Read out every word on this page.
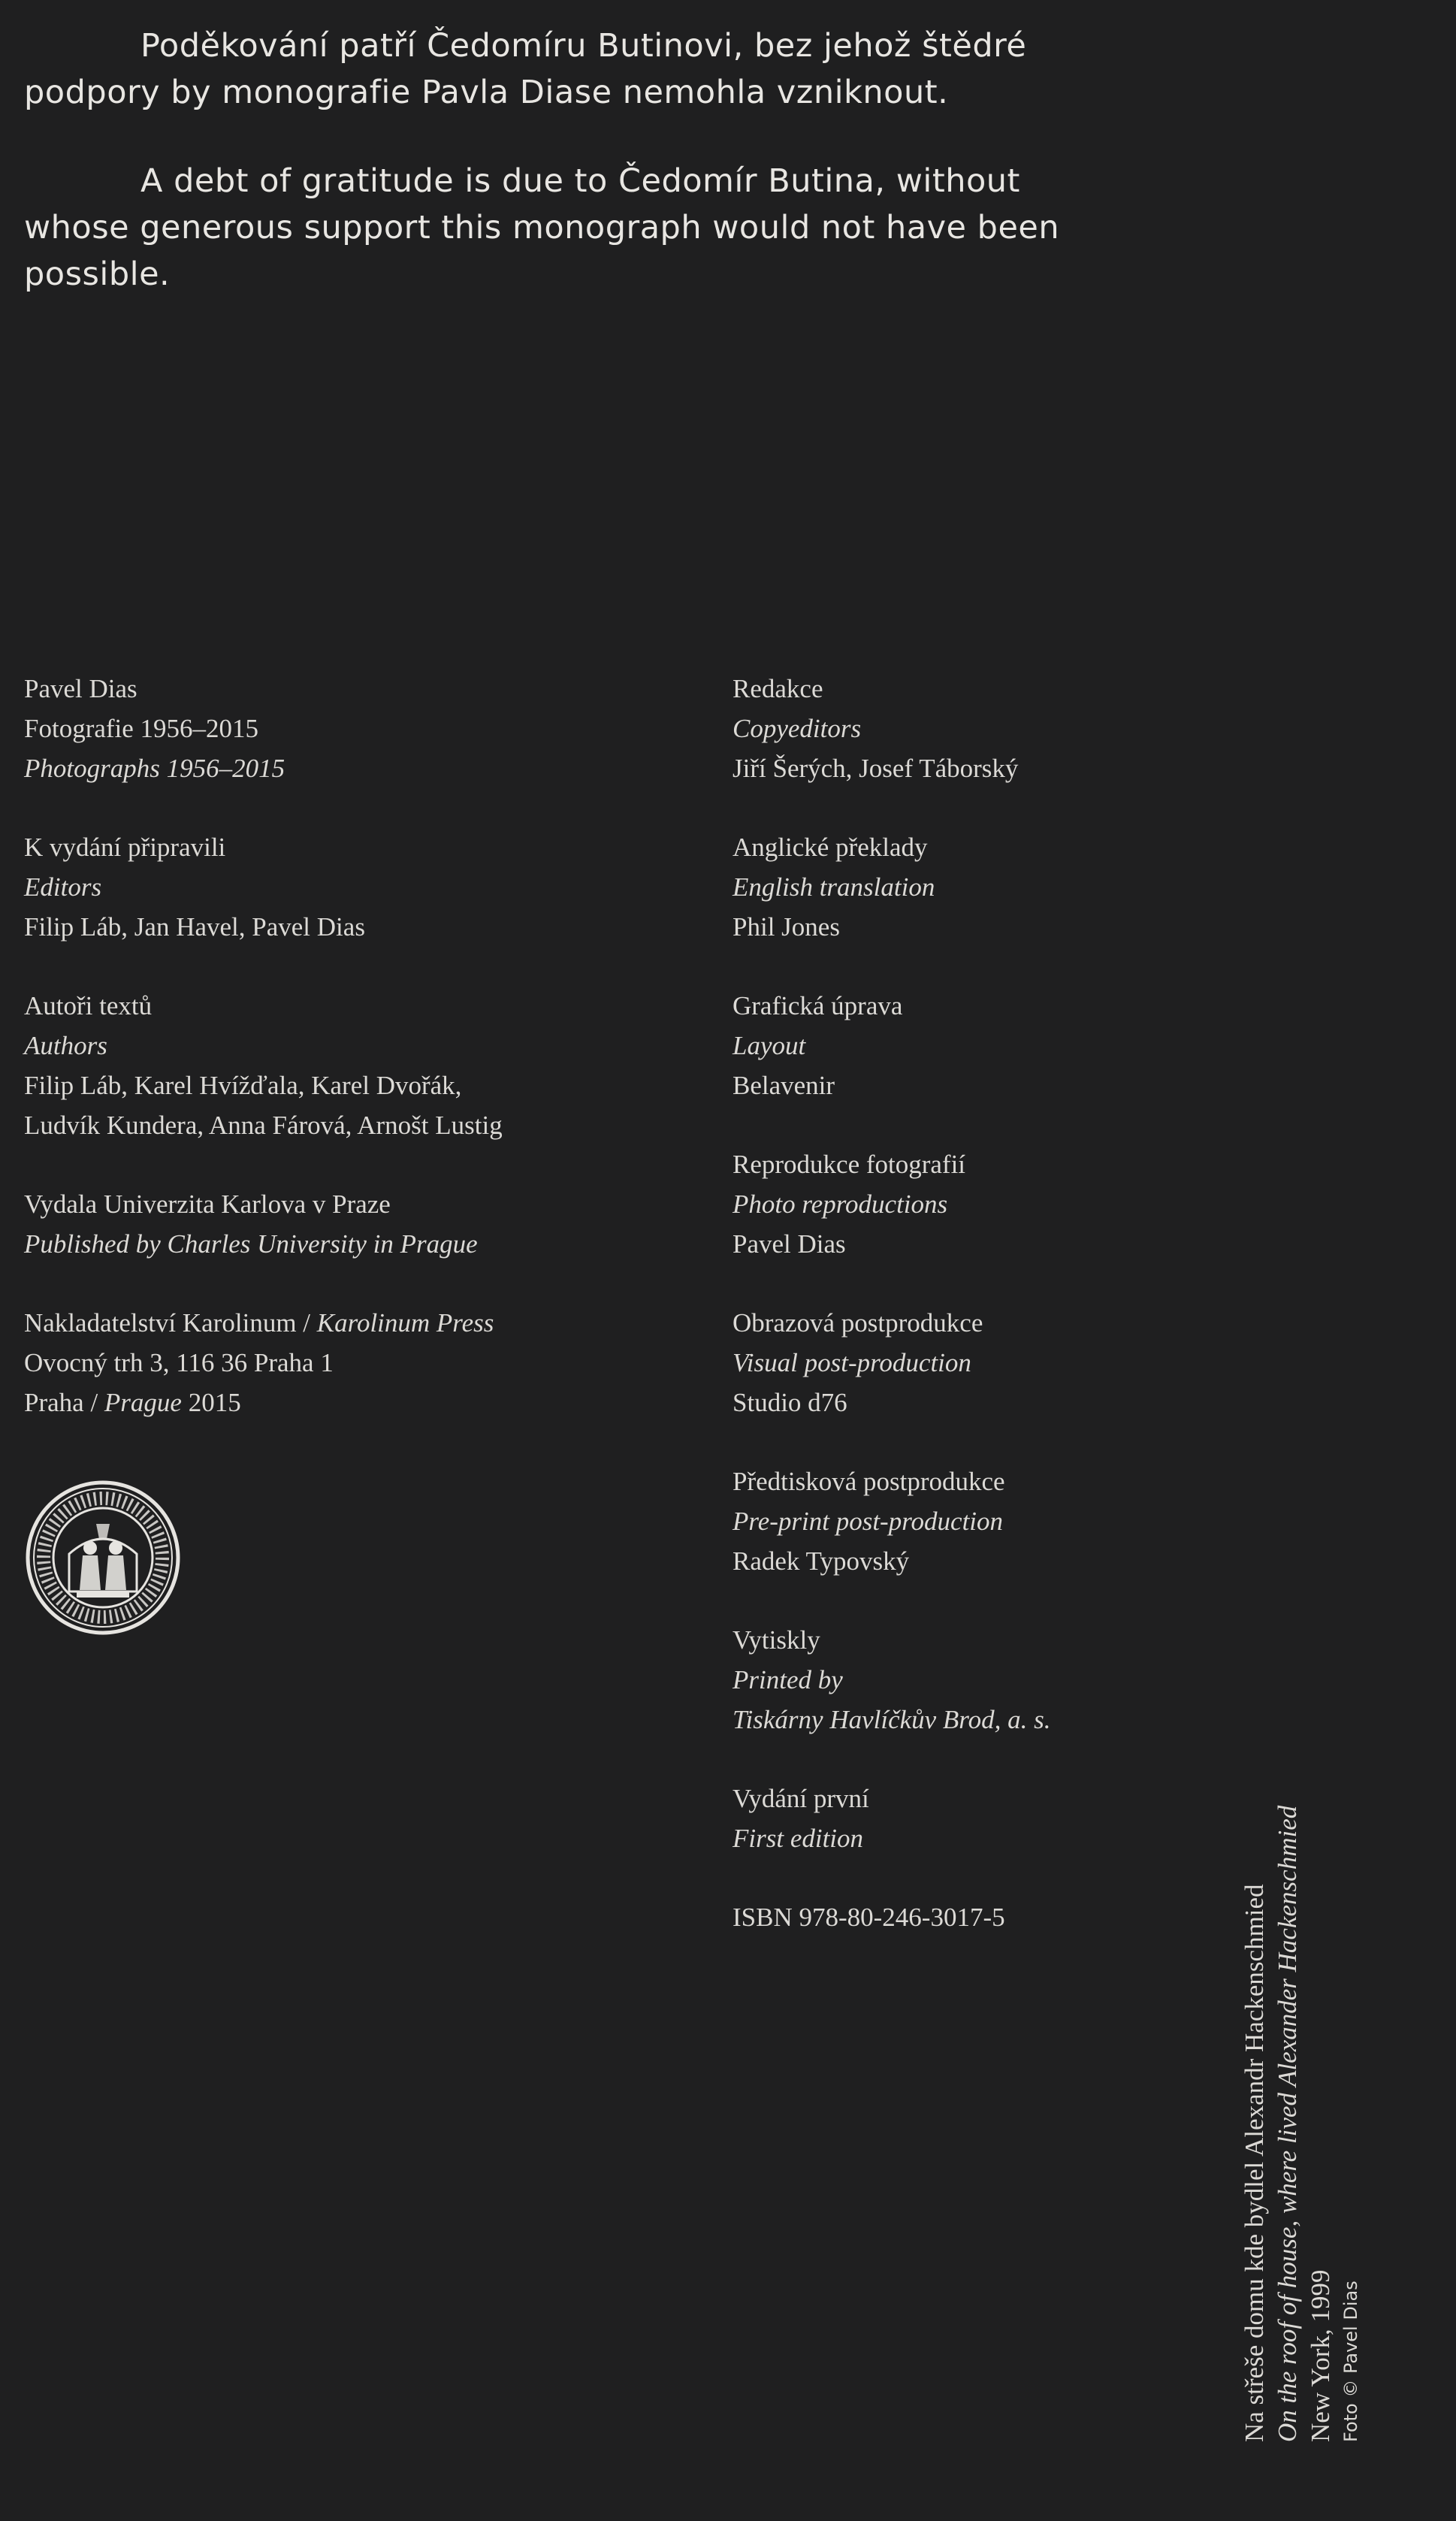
Poděkování patří Čedomíru Butinovi, bez jehož štědré podpory by monografie Pavla Diase nemohla vzniknout.

A debt of gratitude is due to Čedomír Butina, without whose generous support this monograph would not have been possible.

Pavel Dias

Fotografie 1956–2015

Photographs 1956–2015

K vydání připravili

Editors

Filip Láb, Jan Havel, Pavel Dias

Autoři textů

Authors

Filip Láb, Karel Hvížďala, Karel Dvořák,

Ludvík Kundera, Anna Fárová, Arnošt Lustig

Vydala Univerzita Karlova v Praze

Published by Charles University in Prague

Nakladatelství Karolinum / Karolinum Press

Ovocný trh 3, 116 36 Praha 1

Praha / Prague 2015

Redakce

Copyeditors

Jiří Šerých, Josef Táborský

Anglické překlady

English translation

Phil Jones

Grafická úprava

Layout

Belavenir

Reprodukce fotografií

Photo reproductions

Pavel Dias

Obrazová postprodukce

Visual post-production

Studio d76

Předtisková postprodukce

Pre-print post-production

Radek Typovský

Vytiskly

Printed by

Tiskárny Havlíčkův Brod, a. s.

Vydání první

First edition

ISBN 978-80-246-3017-5	Na střeše domu kde bydlel Alexandr Hackenschmied On the roof of house, where lived Alexander Hackenschmied New York, 1999 Foto © Pavel Dias
